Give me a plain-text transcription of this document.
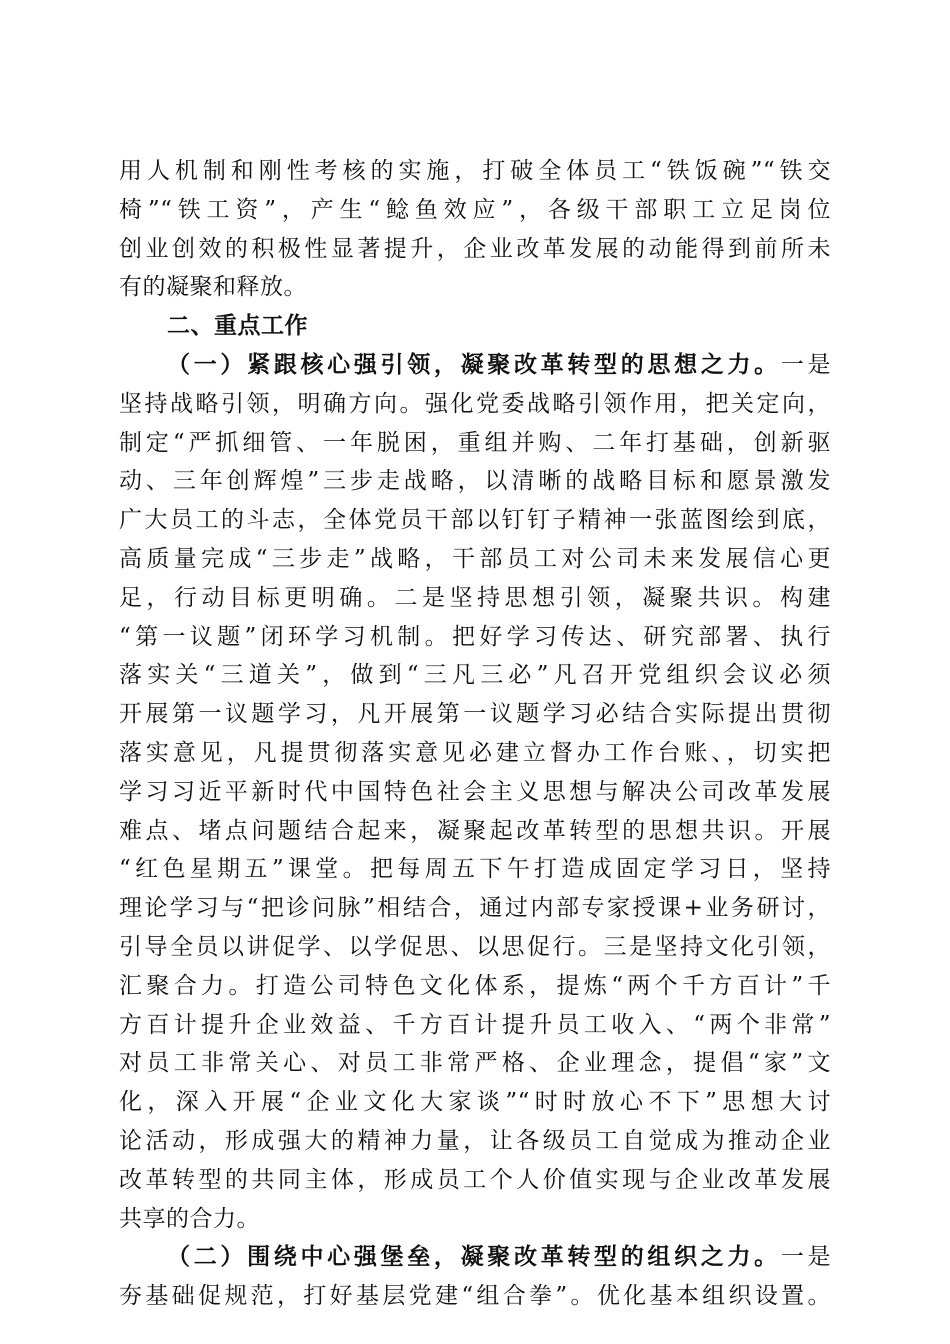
用人机制和刚性考核的实施，打破全体员工“铁饭碗”“铁交
椅”“铁工资”，产生“鲶鱼效应”，各级干部职工立足岗位
创业创效的积极性显著提升，企业改革发展的动能得到前所未
有的凝聚和释放。
二、重点工作
（一）紧跟核心强引领，凝聚改革转型的思想之力。一是
坚持战略引领，明确方向。强化党委战略引领作用，把关定向，
制定“严抓细管、一年脱困，重组并购、二年打基础，创新驱
动、三年创辉煌”三步走战略，以清晰的战略目标和愿景激发
广大员工的斗志，全体党员干部以钉钉子精神一张蓝图绘到底，
高质量完成“三步走”战略，干部员工对公司未来发展信心更
足，行动目标更明确。二是坚持思想引领，凝聚共识。构建
“第一议题”闭环学习机制。把好学习传达、研究部署、执行
落实关“三道关”，做到“三凡三必”凡召开党组织会议必须
开展第一议题学习，凡开展第一议题学习必结合实际提出贯彻
落实意见，凡提贯彻落实意见必建立督办工作台账、，切实把
学习习近平新时代中国特色社会主义思想与解决公司改革发展
难点、堵点问题结合起来，凝聚起改革转型的思想共识。开展
“红色星期五”课堂。把每周五下午打造成固定学习日，坚持
理论学习与“把诊问脉”相结合，通过内部专家授课+业务研讨，
引导全员以讲促学、以学促思、以思促行。三是坚持文化引领，
汇聚合力。打造公司特色文化体系，提炼“两个千方百计”千
方百计提升企业效益、千方百计提升员工收入、“两个非常”
对员工非常关心、对员工非常严格、企业理念，提倡“家”文
化，深入开展“企业文化大家谈”“时时放心不下”思想大讨
论活动，形成强大的精神力量，让各级员工自觉成为推动企业
改革转型的共同主体，形成员工个人价值实现与企业改革发展
共享的合力。
（二）围绕中心强堡垒，凝聚改革转型的组织之力。一是
夯基础促规范，打好基层党建“组合拳”。优化基本组织设置。
